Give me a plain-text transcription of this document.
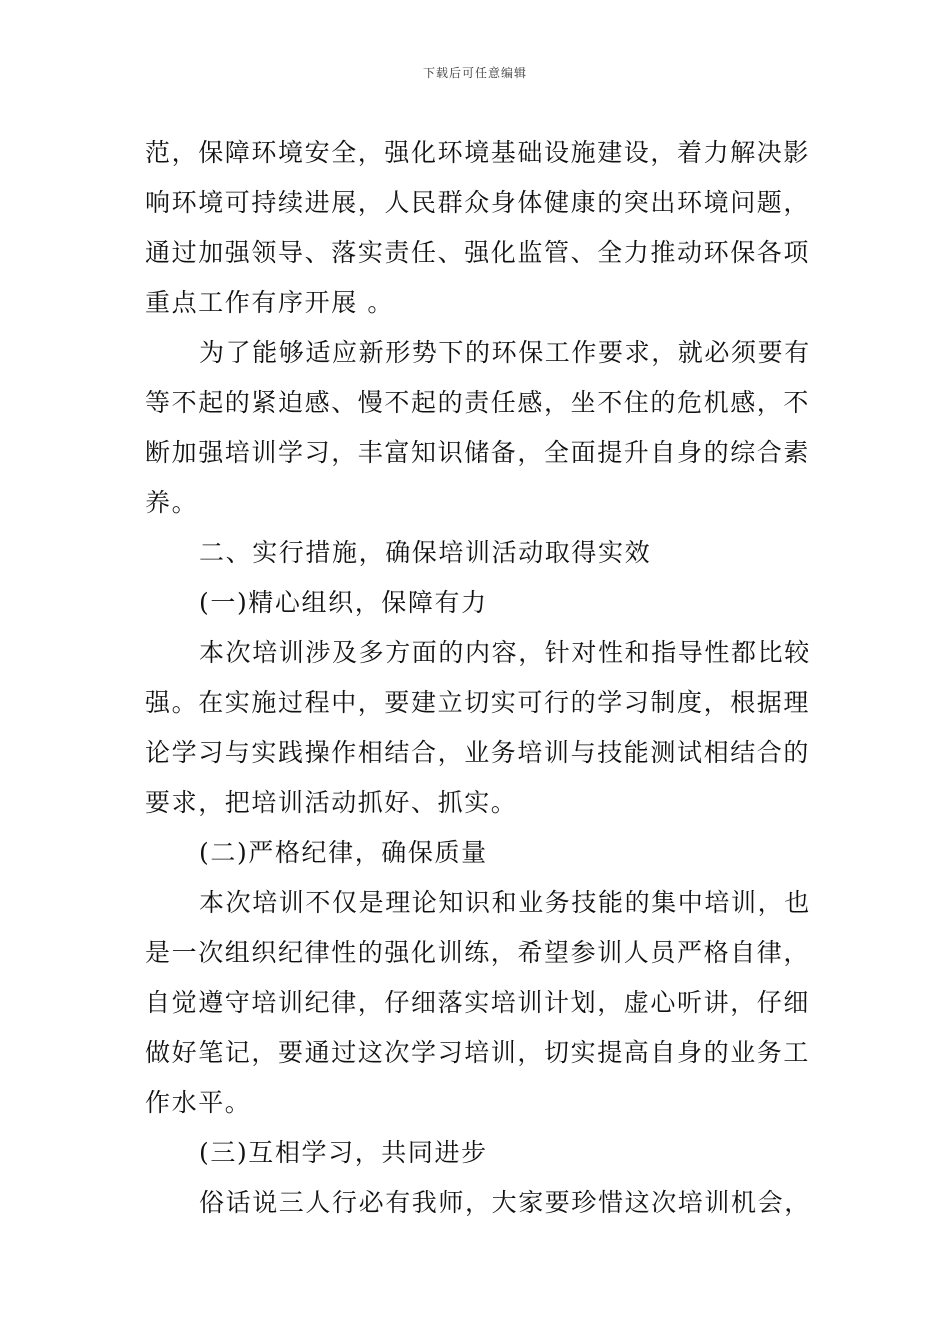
下载后可任意编辑
范，保障环境安全，强化环境基础设施建设，着力解决影
响环境可持续进展，人民群众身体健康的突出环境问题，
通过加强领导、落实责任、强化监管、全力推动环保各项
重点工作有序开展 。
为了能够适应新形势下的环保工作要求，就必须要有
等不起的紧迫感、慢不起的责任感，坐不住的危机感，不
断加强培训学习，丰富知识储备，全面提升自身的综合素
养。
二、实行措施，确保培训活动取得实效
(一)精心组织，保障有力
本次培训涉及多方面的内容，针对性和指导性都比较
强。在实施过程中，要建立切实可行的学习制度，根据理
论学习与实践操作相结合，业务培训与技能测试相结合的
要求，把培训活动抓好、抓实。
(二)严格纪律，确保质量
本次培训不仅是理论知识和业务技能的集中培训，也
是一次组织纪律性的强化训练，希望参训人员严格自律，
自觉遵守培训纪律，仔细落实培训计划，虚心听讲，仔细
做好笔记，要通过这次学习培训，切实提高自身的业务工
作水平。
(三)互相学习，共同进步
俗话说三人行必有我师，大家要珍惜这次培训机会，
